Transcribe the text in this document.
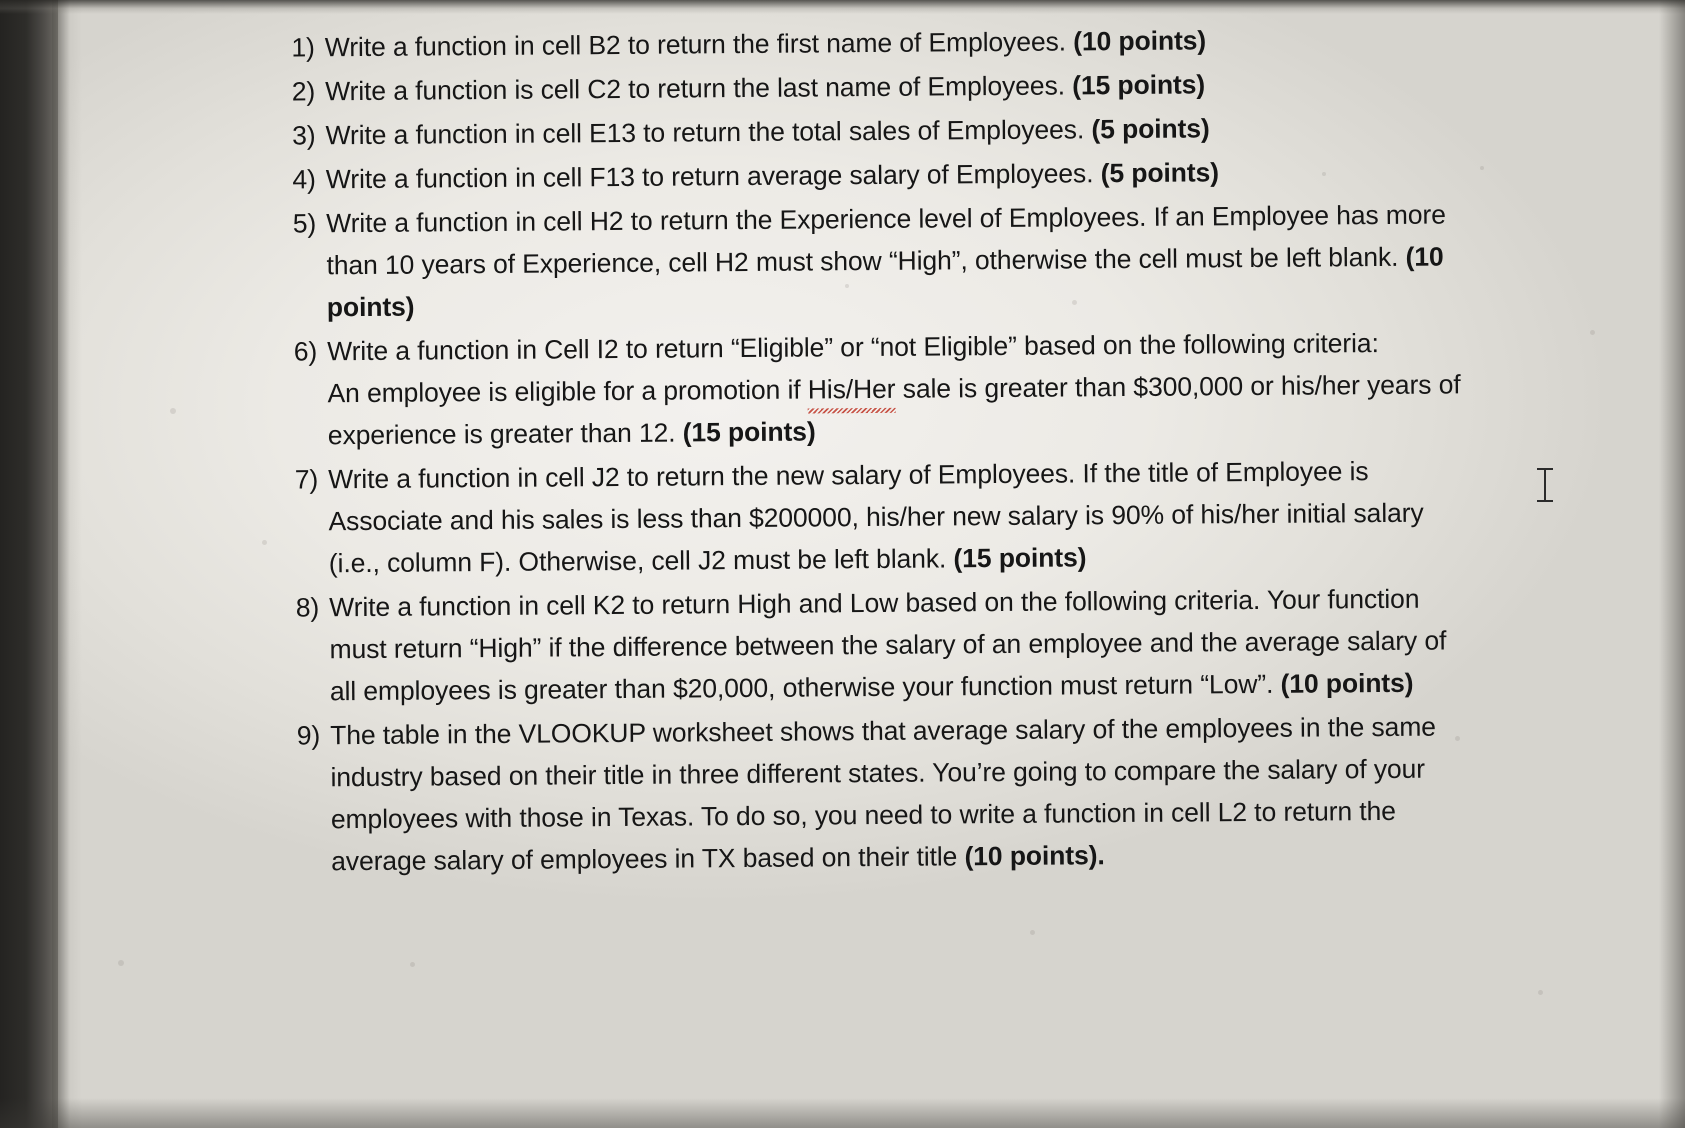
1) Write a function in cell B2 to return the first name of Employees. (10 points)

2) Write a function is cell C2 to return the last name of Employees. (15 points)

3) Write a function in cell E13 to return the total sales of Employees. (5 points)

4) Write a function in cell F13 to return average salary of Employees. (5 points)

5) Write a function in cell H2 to return the Experience level of Employees. If an Employee has more than 10 years of Experience, cell H2 must show “High”, otherwise the cell must be left blank. (10 points)

6) Write a function in Cell I2 to return “Eligible” or “not Eligible” based on the following criteria:

An employee is eligible for a promotion if His/Her sale is greater than $300,000 or his/her years of experience is greater than 12. (15 points)

7) Write a function in cell J2 to return the new salary of Employees. If the title of Employee is Associate and his sales is less than $200000, his/her new salary is 90% of his/her initial salary (i.e., column F). Otherwise, cell J2 must be left blank. (15 points)

8) Write a function in cell K2 to return High and Low based on the following criteria. Your function must return “High” if the difference between the salary of an employee and the average salary of all employees is greater than $20,000, otherwise your function must return “Low”. (10 points)

9) The table in the VLOOKUP worksheet shows that average salary of the employees in the same industry based on their title in three different states. You’re going to compare the salary of your employees with those in Texas. To do so, you need to write a function in cell L2 to return the average salary of employees in TX based on their title (10 points).
